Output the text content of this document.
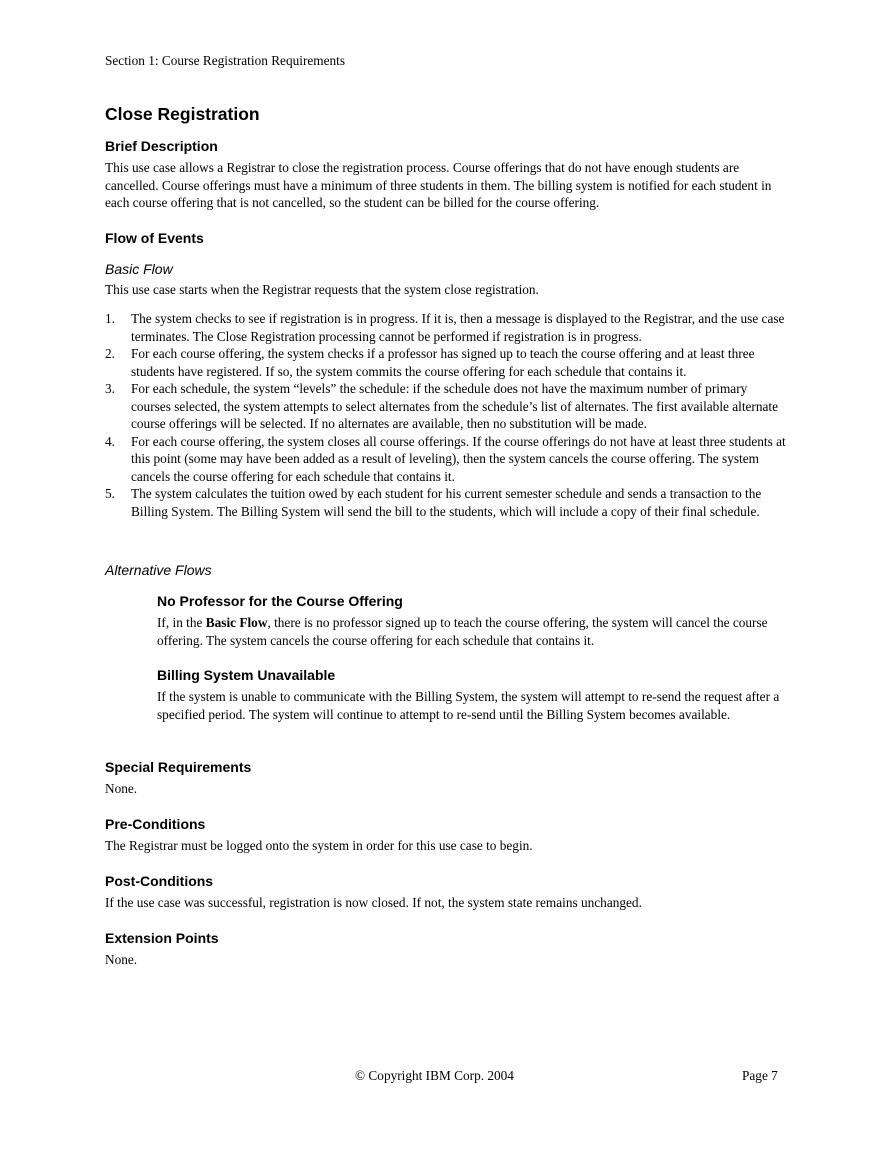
Section 1: Course Registration Requirements
Close Registration
Brief Description

This use case allows a Registrar to close the registration process. Course offerings that do not have enough students are cancelled. Course offerings must have a minimum of three students in them. The billing system is notified for each student in each course offering that is not cancelled, so the student can be billed for the course offering.

Flow of Events
Basic Flow

This use case starts when the Registrar requests that the system close registration.

1. The system checks to see if registration is in progress. If it is, then a message is displayed to the Registrar, and the use case terminates. The Close Registration processing cannot be performed if registration is in progress.
2. For each course offering, the system checks if a professor has signed up to teach the course offering and at least three students have registered. If so, the system commits the course offering for each schedule that contains it.
3. For each schedule, the system “levels” the schedule: if the schedule does not have the maximum number of primary courses selected, the system attempts to select alternates from the schedule’s list of alternates. The first available alternate course offerings will be selected. If no alternates are available, then no substitution will be made.
4. For each course offering, the system closes all course offerings. If the course offerings do not have at least three students at this point (some may have been added as a result of leveling), then the system cancels the course offering. The system cancels the course offering for each schedule that contains it.
5. The system calculates the tuition owed by each student for his current semester schedule and sends a transaction to the Billing System. The Billing System will send the bill to the students, which will include a copy of their final schedule.
Alternative Flows
No Professor for the Course Offering

If, in the Basic Flow, there is no professor signed up to teach the course offering, the system will cancel the course offering. The system cancels the course offering for each schedule that contains it.

Billing System Unavailable

If the system is unable to communicate with the Billing System, the system will attempt to re-send the request after a specified period. The system will continue to attempt to re-send until the Billing System becomes available.

Special Requirements

None.

Pre-Conditions

The Registrar must be logged onto the system in order for this use case to begin.

Post-Conditions

If the use case was successful, registration is now closed. If not, the system state remains unchanged.

Extension Points

None.

© Copyright IBM Corp. 2004	Page 7
